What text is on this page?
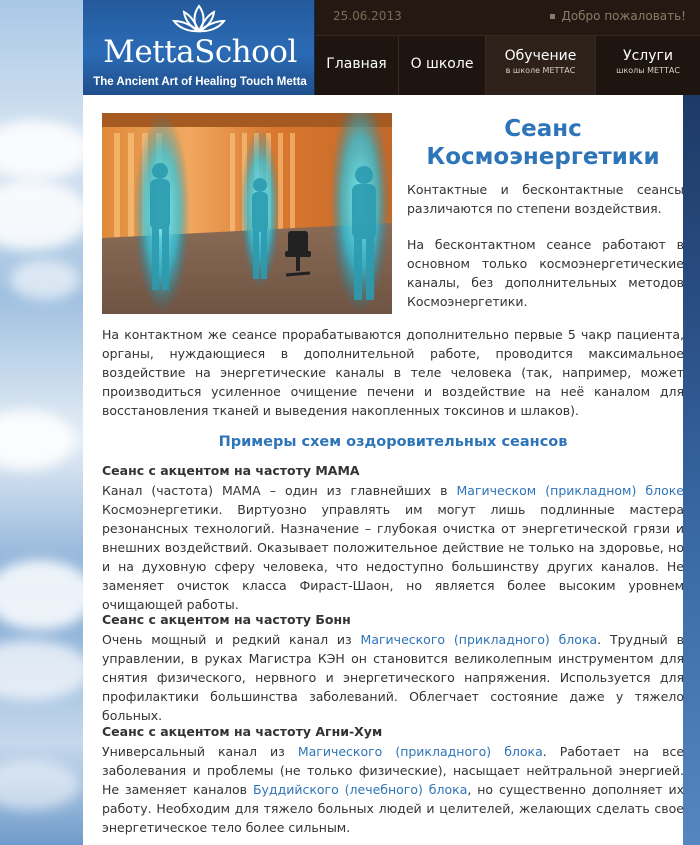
MettaSchool
The Ancient Art of Healing Touch Metta
25.06.2013	Добро пожаловать!
Главная	О школе	Обучение
в школе МЕТТАС
Услуги
школы МЕТТАС
Сеанс Космоэнергетики

Контактные и бесконтактные сеансы различаются по степени воздействия.

На бесконтактном сеансе работают в основном только космоэнергетические каналы, без дополнительных методов Космоэнергетики.

На контактном же сеансе прорабатываются дополнительно первые 5 чакр пациента, органы, нуждающиеся в дополнительной работе, проводится максимальное воздействие на энергетические каналы в теле человека (так, например, может производиться усиленное очищение печени и воздействие на неё каналом для восстановления тканей и выведения накопленных токсинов и шлаков).

Примеры схем оздоровительных сеансов
Сеанс с акцентом на частоту МАМА

Канал (частота) МАМА – один из главнейших в Магическом (прикладном) блоке Космоэнергетики. Виртуозно управлять им могут лишь подлинные мастера резонансных технологий. Назначение – глубокая очистка от энергетической грязи и внешних воздействий. Оказывает положительное действие не только на здоровье, но и на духовную сферу человека, что недоступно большинству других каналов. Не заменяет очисток класса Фираст-Шаон, но является более высоким уровнем очищающей работы.

Сеанс с акцентом на частоту Бонн

Очень мощный и редкий канал из Магического (прикладного) блока. Трудный в управлении, в руках Магистра КЭН он становится великолепным инструментом для снятия физического, нервного и энергетического напряжения. Используется для профилактики большинства заболеваний. Облегчает состояние даже у тяжело больных.

Сеанс с акцентом на частоту Агни-Хум

Универсальный канал из Магического (прикладного) блока. Работает на все заболевания и проблемы (не только физические), насыщает нейтральной энергией. Не заменяет каналов Буддийского (лечебного) блока, но существенно дополняет их работу. Необходим для тяжело больных людей и целителей, желающих сделать свое энергетическое тело более сильным.
